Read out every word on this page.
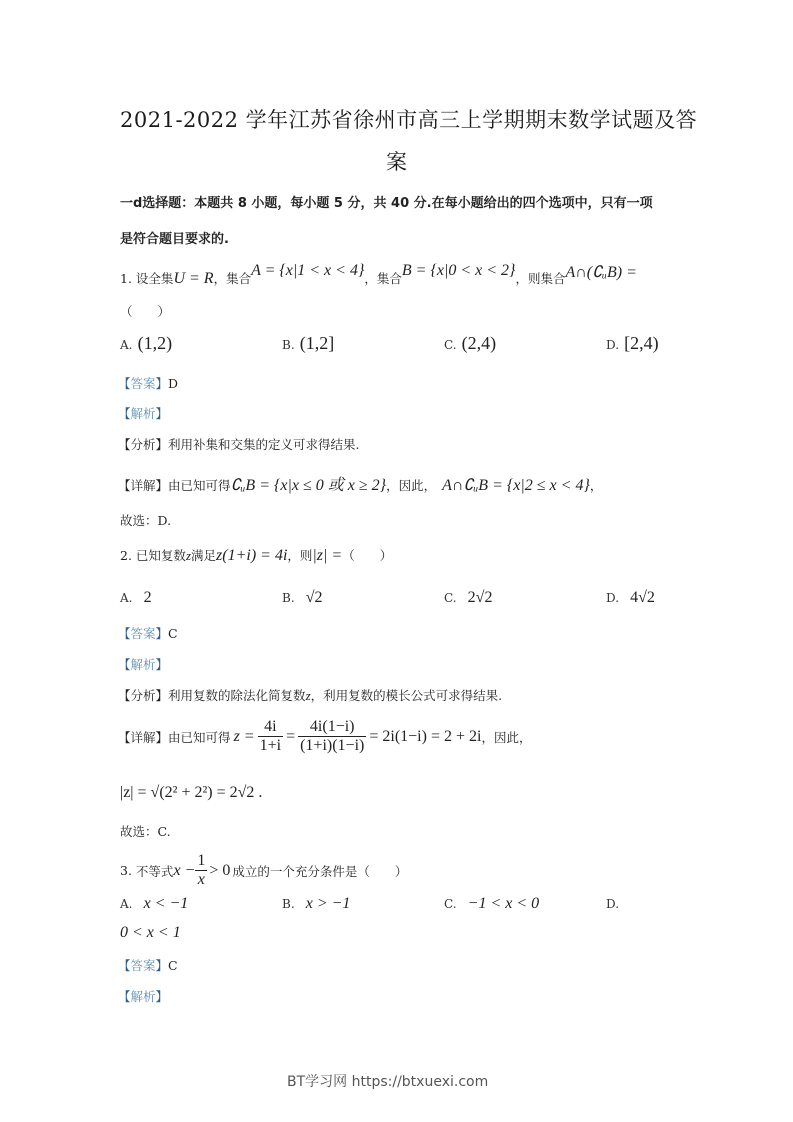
2021-2022 学年江苏省徐州市高三上学期期末数学试题及答
案
一d选择题：本题共 8 小题，每小题 5 分，共 40 分.在每小题给出的四个选项中，只有一项
是符合题目要求的.
1. 设全集U = R，集合A = {x|1 < x < 4}，集合B = {x|0 < x < 2}，则集合A∩(∁ᵤB) =
（　　）
A. (1,2)	B. (1,2]	C. (2,4)	D. [2,4)
【答案】D
【解析】
【分析】利用补集和交集的定义可求得结果.
【详解】由已知可得∁ᵤB = {x|x ≤ 0 或 x ≥ 2}，因此， A∩∁ᵤB = {x|2 ≤ x < 4}，
故选：D.
2. 已知复数z满足z(1+i) = 4i，则|z| =（　　）
A. 2	B. √2	C. 2√2	D. 4√2
【答案】C
【解析】
【分析】利用复数的除法化简复数z，利用复数的模长公式可求得结果.
【 详解 】 由已知可得 $z = \frac{4i}{1+i} = \frac{4i(1-i)}{(1+i)(1-i)} = 2i(1-i) = 2 + 2i$ ，因此，
|z| = √(2² + 2²) = 2√2 .
故选：C.
3.
不等式 $x - \frac{1}{x} > 0$ 成立的一个充分条件是（　　）
A. x < −1	B. x > −1	C. −1 < x < 0	D.
0 < x < 1
【答案】C
【解析】
BT学习网 https://btxuexi.com
